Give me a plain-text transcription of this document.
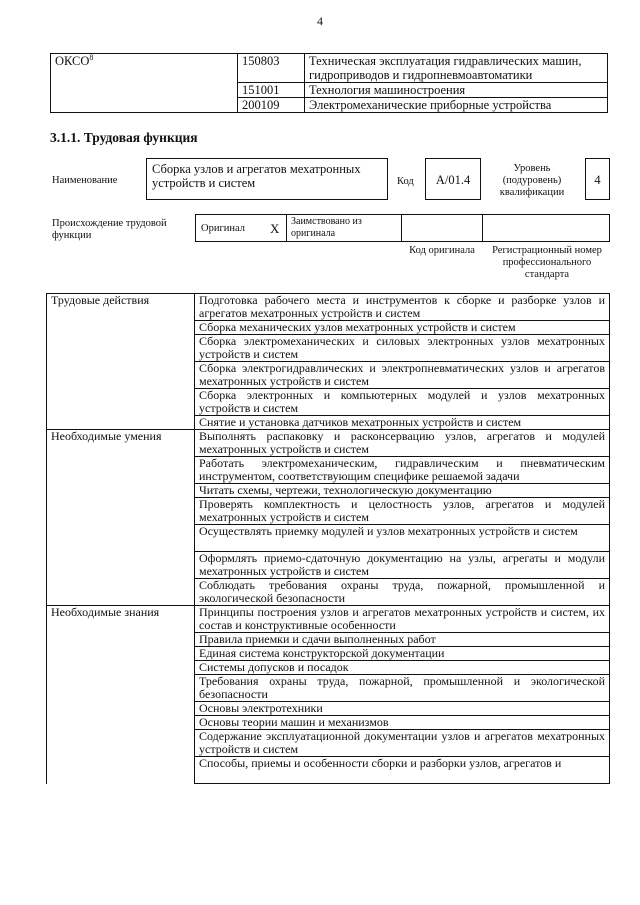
4
ОКСО$^8$	150803	Техническая эксплуатация гидравлических машин, гидроприводов и гидропневмоавтоматики
	151001	Технология машиностроения
	200109	Электромеханические приборные устройства
3.1.1. Трудовая функция
Наименование
Сборка узлов и агрегатов мехатронных устройств и систем	Код	A/01.4
Уровень (подуровень) квалификации
4
Происхождение трудовой функции
Оригинал X Заимствовано из оригинала
Код оригинала	Регистрационный номер профессионального стандарта
Трудовые действия	Подготовка рабочего места и инструментов к сборке и разборке узлов и агрегатов мехатронных устройств и систем
	Сборка механических узлов мехатронных устройств и систем
	Сборка электромеханических и силовых электронных узлов мехатронных устройств и систем
	Сборка электрогидравлических и электропневматических узлов и агрегатов мехатронных устройств и систем
	Сборка электронных и компьютерных модулей и узлов мехатронных устройств и систем
	Снятие и установка датчиков мехатронных устройств и систем
Необходимые умения	Выполнять распаковку и расконсервацию узлов, агрегатов и модулей мехатронных устройств и систем
	Работать электромеханическим, гидравлическим и пневматическим инструментом, соответствующим специфике решаемой задачи
	Читать схемы, чертежи, технологическую документацию
	Проверять комплектность и целостность узлов, агрегатов и модулей мехатронных устройств и систем
	Осуществлять приемку модулей и узлов мехатронных устройств и систем
	Оформлять приемо-сдаточную документацию на узлы, агрегаты и модули мехатронных устройств и систем
	Соблюдать требования охраны труда, пожарной, промышленной и экологической безопасности
Необходимые знания	Принципы построения узлов и агрегатов мехатронных устройств и систем, их состав и конструктивные особенности
	Правила приемки и сдачи выполненных работ
	Единая система конструкторской документации
	Системы допусков и посадок
	Требования охраны труда, пожарной, промышленной и экологической безопасности
	Основы электротехники
	Основы теории машин и механизмов
	Содержание эксплуатационной документации узлов и агрегатов мехатронных устройств и систем
	Способы, приемы и особенности сборки и разборки узлов, агрегатов и
